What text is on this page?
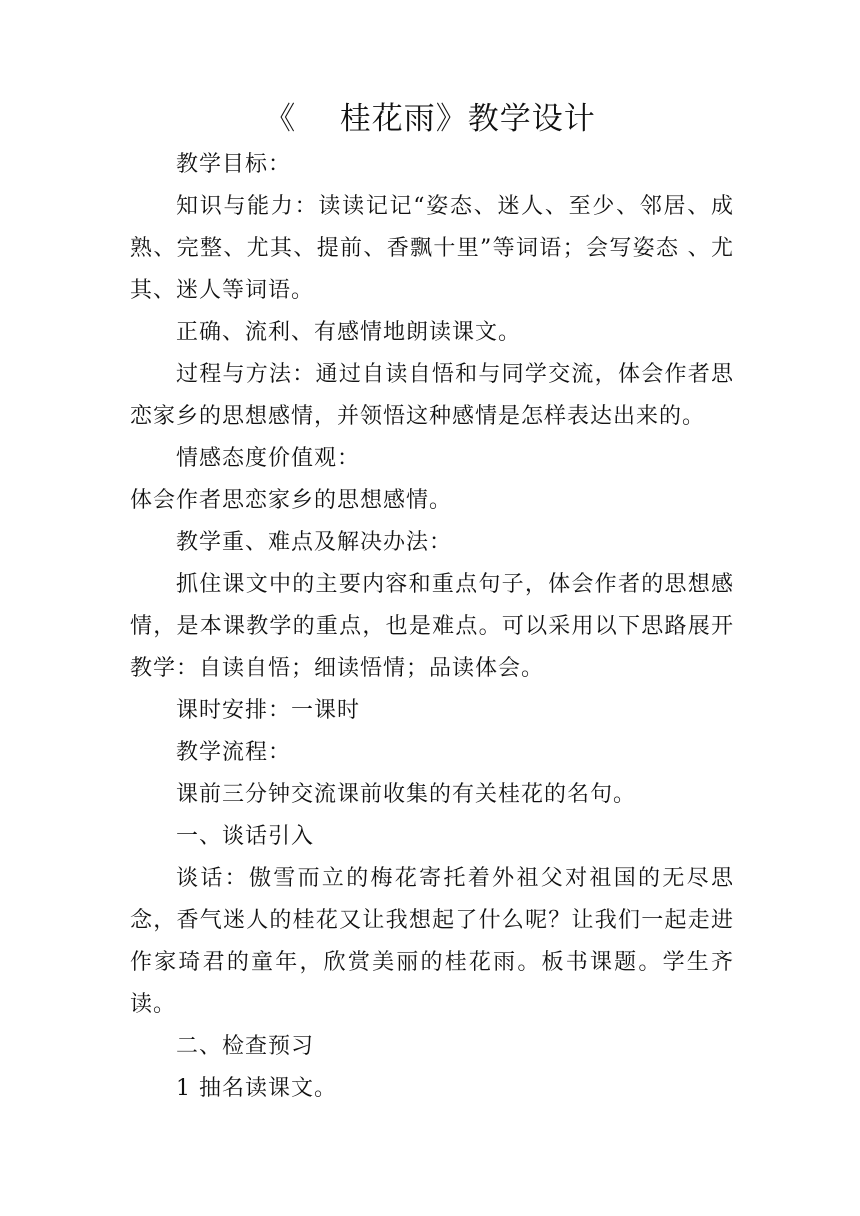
《    桂花雨》教学设计

教学目标：

知识与能力：读读记记“姿态、迷人、至少、邻居、成熟、完整、尤其、提前、香飘十里”等词语；会写姿态 、尤 其、迷人等词语。

正确、流利、有感情地朗读课文。

过程与方法：通过自读自悟和与同学交流，体会作者思恋家乡的思想感情，并领悟这种感情是怎样表达出来的。

情感态度价值观：

体会作者思恋家乡的思想感情。

教学重、难点及解决办法：

抓住课文中的主要内容和重点句子，体会作者的思想感情，是本课教学的重点，也是难点。可以采用以下思路展开教学：自读自悟；细读悟情；品读体会。

课时安排：一课时

教学流程：

课前三分钟交流课前收集的有关桂花的名句。

一、谈话引入

谈话：傲雪而立的梅花寄托着外祖父对祖国的无尽思念，香气迷人的桂花又让我想起了什么呢？让我们一起走进作家琦君的童年，欣赏美丽的桂花雨。板书课题。学生齐读。

二、检查预习

1 抽名读课文。
